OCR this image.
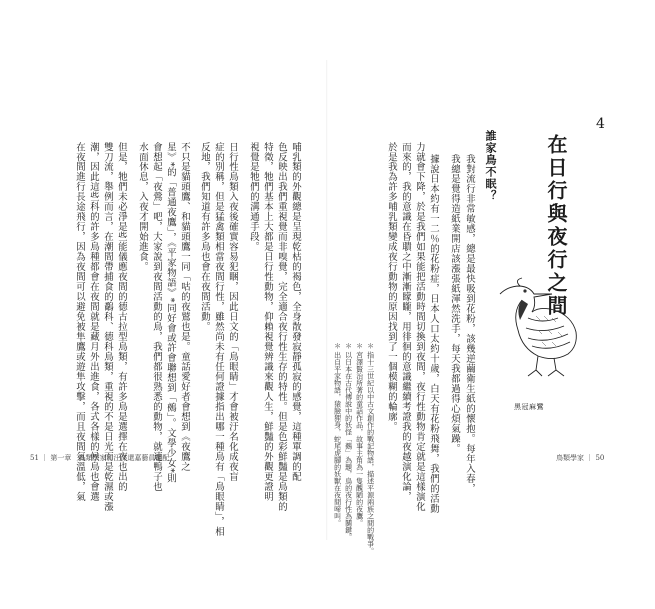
4
在日行與夜行之間
誰家鳥不眠？
我對流行非常敏感，總是最快吸到花粉，該幾逆繭衛生紙的懷抱。每年入春，
我總是覺得造紙業開店該漲張紙渾然洗手，每天我都過得心煩氣躁。
據說日本約有一二％的花粉症，日本人口太約十歲，白天有花粉飛舞，我們的活動
力就會下降，於是我們如果能把活動時間切換到夜間，夜行性動物肯定就是這樣演化
而來的，我的意識在昏聵之中漸漸矇矓，用徘徊的意識繼續考證我的夜越演化論，
於是我為許多哺乳類變成夜行動物的原因找到了一個模糊的輪廓。	黑冠麻鷺
＊ 指十三世紀以中古文創作的戰記物語，描述平源兩族之間的戰爭。
＊ 宮澤賢治所著的童話作品，故事主角為一隻醜陋的夜鷹。
＊ 以日本在古代傳說中的妖怪「鵺」為題，鳥的夜行性為關鍵。
＊ 出自平家物語，猿臉狸身，蛇尾虎腳的妖獸在夜間啼叫。	鳥類學家 ｜ 50
哺乳類的外觀總是呈現乾枯的褐色，全身散發寂靜孤寂的感覺，這種單調的配
色反映出我們重視覺而非嗅覺，完全適合夜行性生存的特性。但是色彩鮮豔是鳥類的
特徵，牠們基本上大都是日行性動物，仰賴視覺辨識來觀人生，鮮豔的外觀更證明
視覺是牠們的溝通手段。
日行性鳥類入夜後確實容易犯睏，因此日文的「鳥眼睛」才會被汙名化成夜盲
症的別稱，但是猛禽類相當夜間行性，雖然尚未有任何證據指出哪一種鳥有「鳥眼睛」，相
反地，我們知道有許多鳥也會在夜間活動。
不只是貓頭鷹、和貓頭鷹一同「咕的夜鷲也是。童話愛好者會想到《夜鷹之
星》*的「普通夜鷹」，《平家物語》*同好會或許會聯想到「鵺」。文學少女*則
會想起「夜鶯」吧，大家說到夜間活動的鳥，我們都很熟悉的動物，就連鴨子也
水面休息，入夜才開始進食。
但是，牠們未必淨是些能儀應夜間的德古拉型鳥類，有許多鳥是選擇在夜也出的
雙刀流，舉例而言，在潮間帶捕食的鷸科、德科鳥類，重視的不是日光而是乾濕或漲
潮，因此這些科的許多鳥種都會在夜間就是藏月外出進食，各式各樣的候鳥也會選
在夜間進行長途飛行，因為夜間可以避免被隼鷹或遊隼攻擊，而且夜間氣溫低，氣
51 ｜ 第一章　鳥類學家和汪洋還嘉藝員寵配
